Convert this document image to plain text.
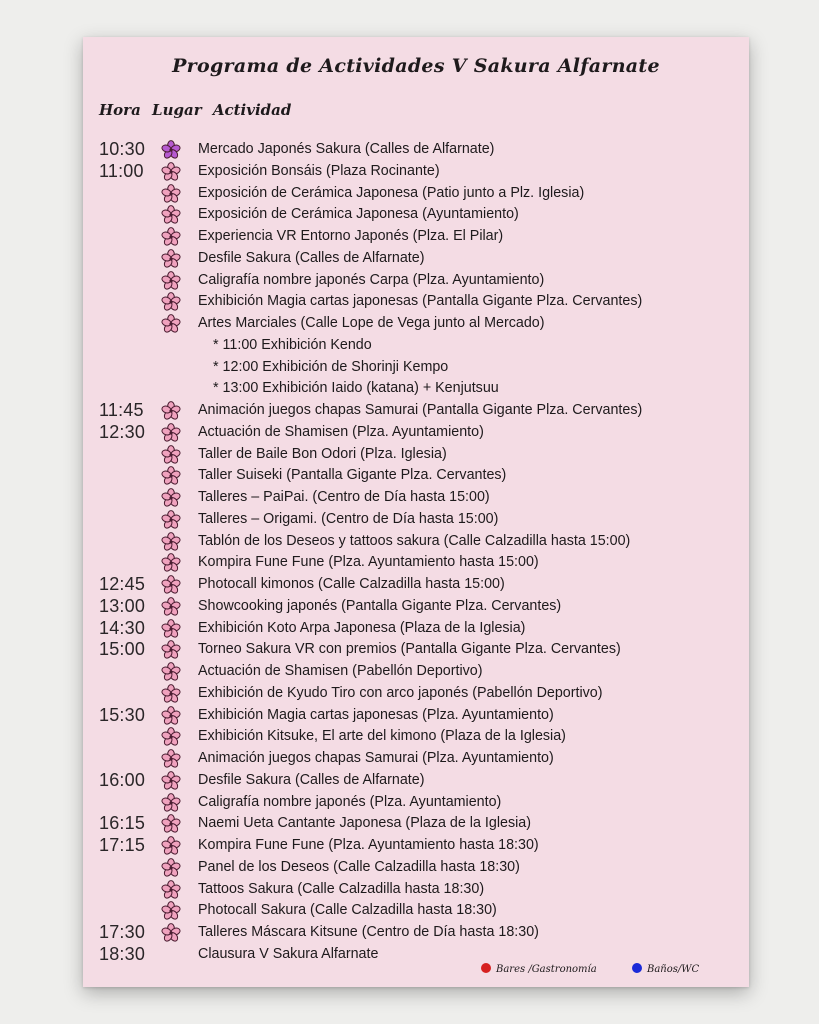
Programa de Actividades V Sakura Alfarnate
Hora Lugar Actividad
10:30	Mercado Japonés Sakura (Calles de Alfarnate)
11:00	Exposición Bonsáis (Plaza Rocinante)
Exposición de Cerámica Japonesa (Patio junto a Plz. Iglesia)
Exposición de Cerámica Japonesa (Ayuntamiento)
Experiencia VR Entorno Japonés (Plza. El Pilar)
Desfile Sakura (Calles de Alfarnate)
Caligrafía nombre japonés Carpa (Plza. Ayuntamiento)
Exhibición Magia cartas japonesas (Pantalla Gigante Plza. Cervantes)
Artes Marciales (Calle Lope de Vega junto al Mercado)
* 11:00 Exhibición Kendo
* 12:00 Exhibición de Shorinji Kempo
* 13:00 Exhibición Iaido (katana) + Kenjutsuu
11:45	Animación juegos chapas Samurai (Pantalla Gigante Plza. Cervantes)
12:30	Actuación de Shamisen (Plza. Ayuntamiento)
Taller de Baile Bon Odori (Plza. Iglesia)
Taller Suiseki (Pantalla Gigante Plza. Cervantes)
Talleres – PaiPai. (Centro de Día hasta 15:00)
Talleres – Origami. (Centro de Día hasta 15:00)
Tablón de los Deseos y tattoos sakura (Calle Calzadilla hasta 15:00)
Kompira Fune Fune (Plza. Ayuntamiento hasta 15:00)
12:45	Photocall kimonos (Calle Calzadilla hasta 15:00)
13:00	Showcooking japonés (Pantalla Gigante Plza. Cervantes)
14:30	Exhibición Koto Arpa Japonesa (Plaza de la Iglesia)
15:00	Torneo Sakura VR con premios (Pantalla Gigante Plza. Cervantes)
Actuación de Shamisen (Pabellón Deportivo)
Exhibición de Kyudo Tiro con arco japonés (Pabellón Deportivo)
15:30	Exhibición Magia cartas japonesas (Plza. Ayuntamiento)
Exhibición Kitsuke, El arte del kimono (Plaza de la Iglesia)
Animación juegos chapas Samurai (Plza. Ayuntamiento)
16:00	Desfile Sakura (Calles de Alfarnate)
Caligrafía nombre japonés (Plza. Ayuntamiento)
16:15	Naemi Ueta Cantante Japonesa (Plaza de la Iglesia)
17:15	Kompira Fune Fune (Plza. Ayuntamiento hasta 18:30)
Panel de los Deseos (Calle Calzadilla hasta 18:30)
Tattoos Sakura (Calle Calzadilla hasta 18:30)
Photocall Sakura (Calle Calzadilla hasta 18:30)
17:30	Talleres Máscara Kitsune (Centro de Día hasta 18:30)
18:30	Clausura V Sakura Alfarnate
Bares /Gastronomía	Baños/WC
